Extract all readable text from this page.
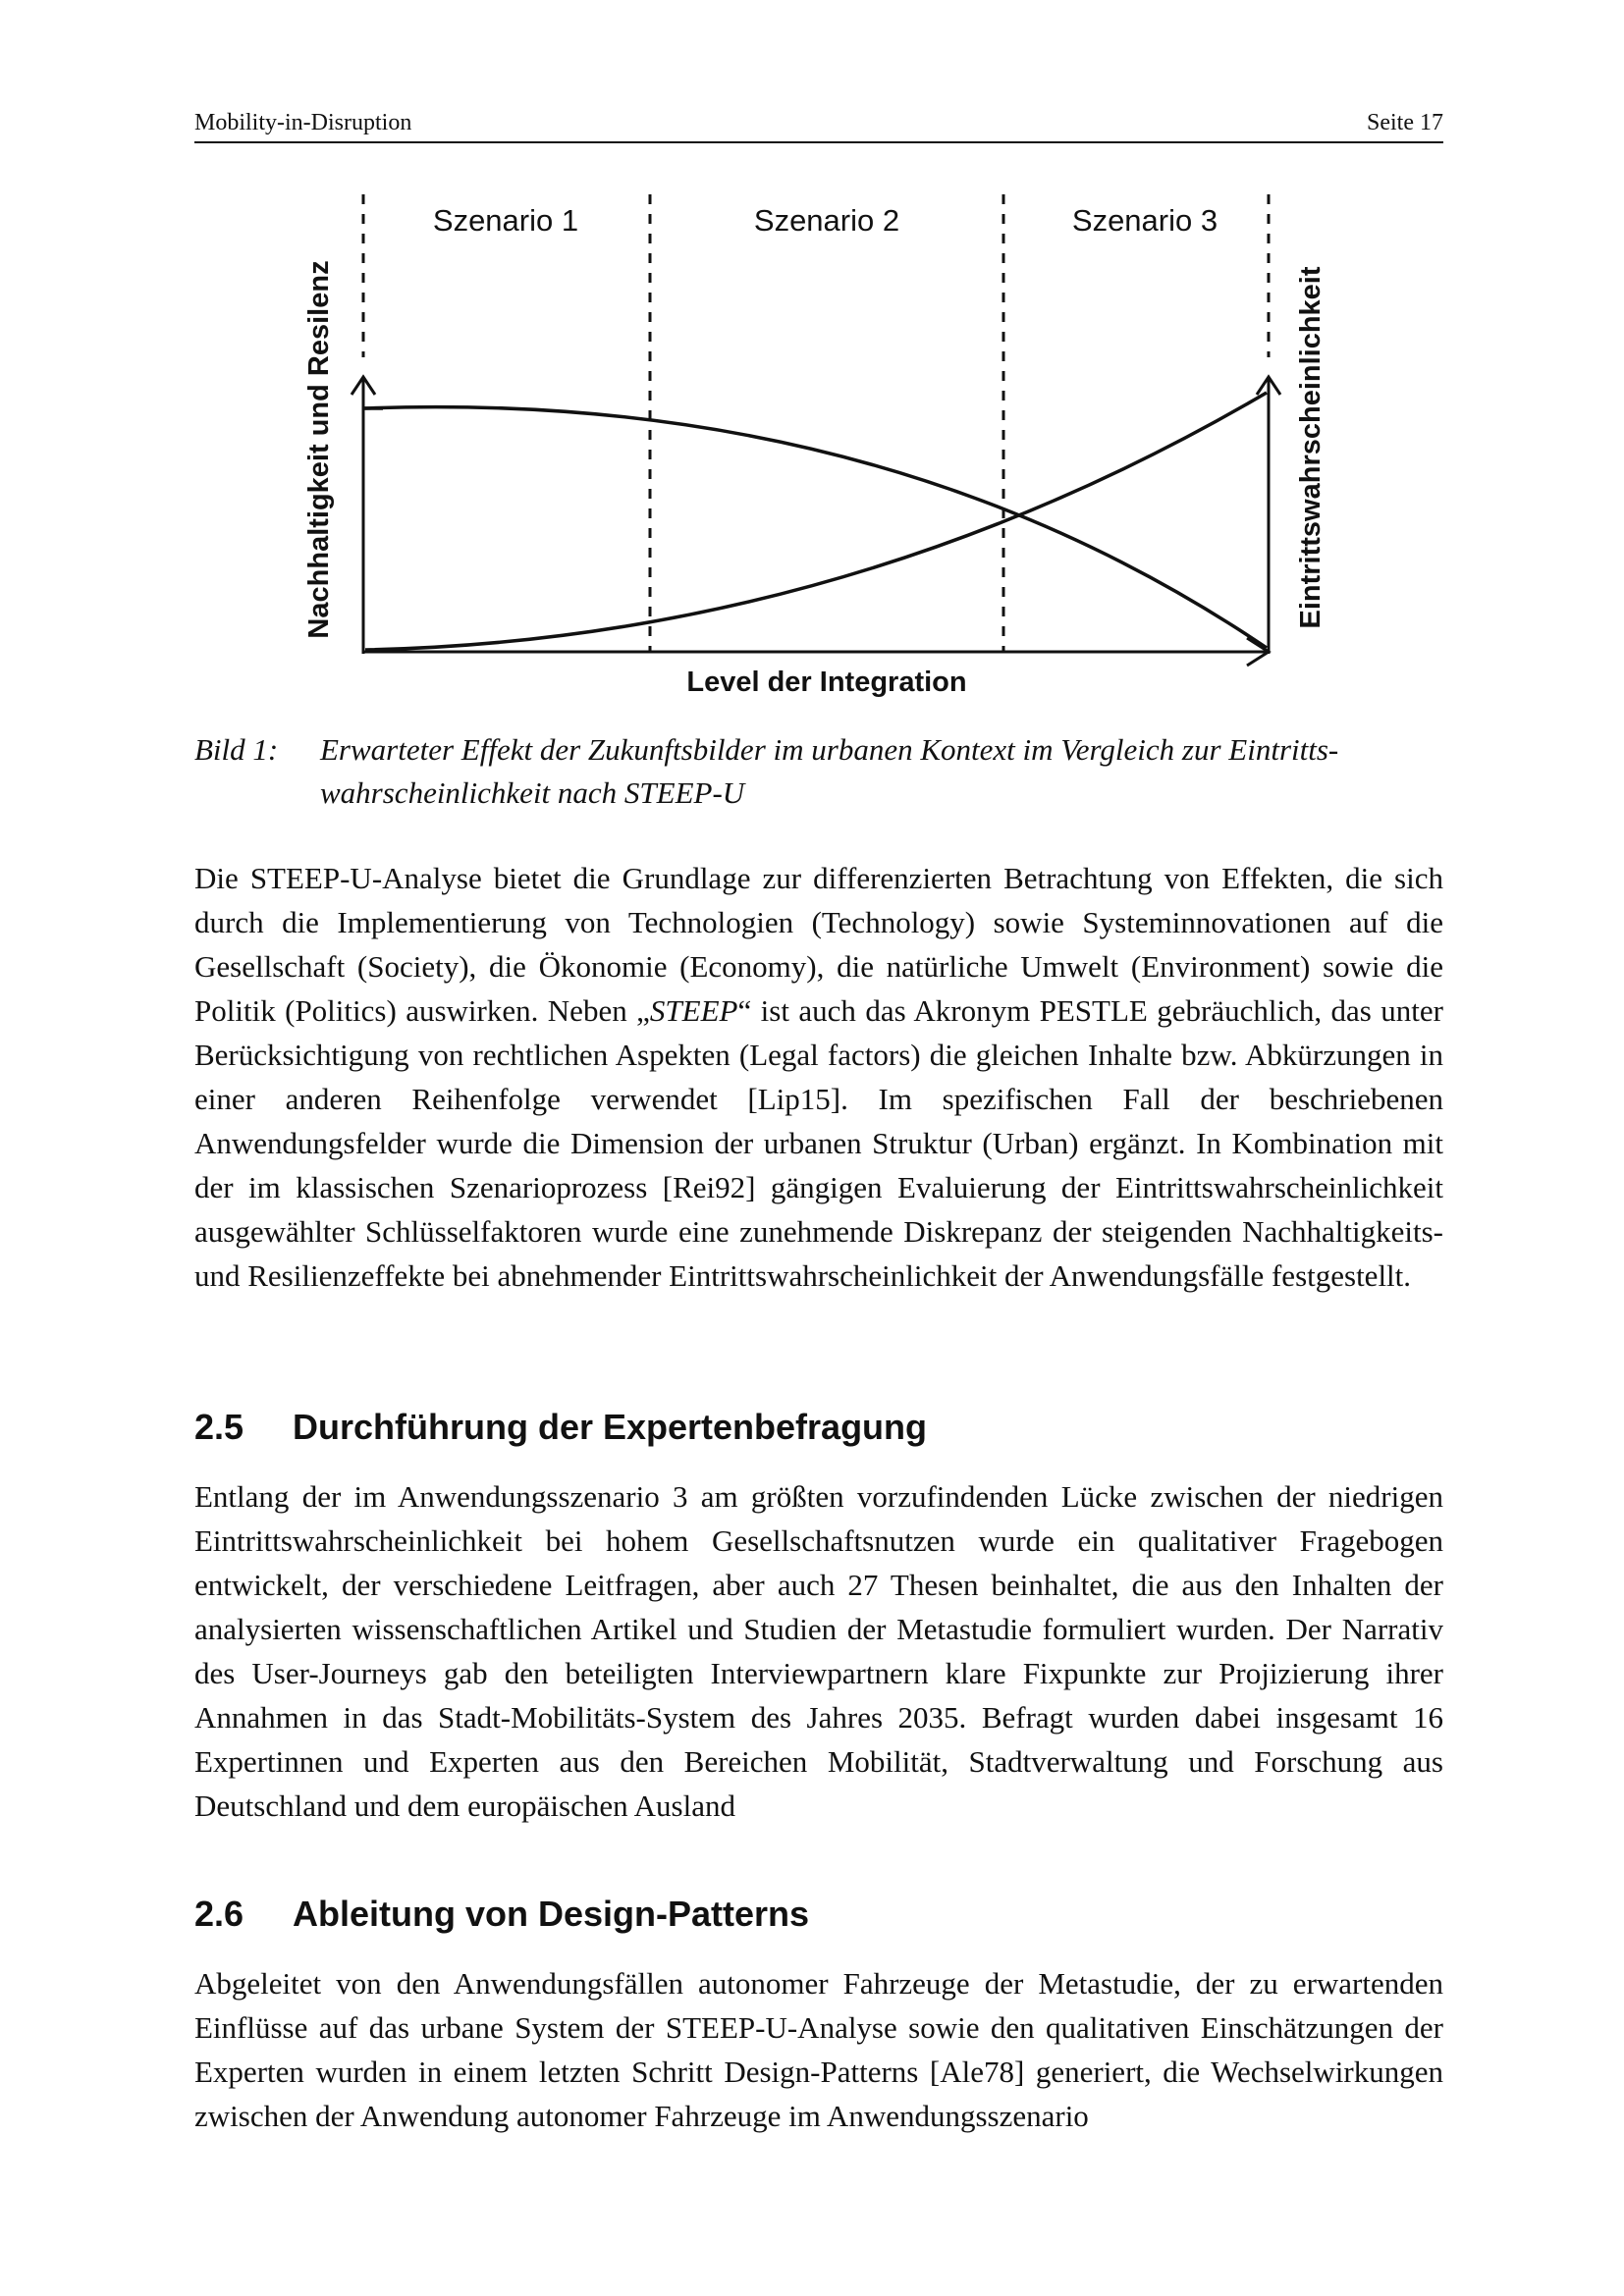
Mobility-in-Disruption	Seite 17
Szenario 1	Szenario 2	Szenario 3
Nachhaltigkeit und Resilenz	Eintrittswahrscheinlichkeit
Level der Integration
Bild 1:	Erwarteter Effekt der Zukunftsbilder im urbanen Kontext im Vergleich zur Eintrittswahrscheinlichkeit nach STEEP-U

Die STEEP-U-Analyse bietet die Grundlage zur differenzierten Betrachtung von Effekten, die sich durch die Implementierung von Technologien (Technology) sowie Systeminnovationen auf die Gesellschaft (Society), die Ökonomie (Economy), die natürliche Umwelt (Environment) sowie die Politik (Politics) auswirken. Neben „STEEP“ ist auch das Akronym PESTLE gebräuchlich, das unter Berücksichtigung von rechtlichen Aspekten (Legal factors) die gleichen Inhalte bzw. Abkürzungen in einer anderen Reihenfolge verwendet [Lip15]. Im spezifischen Fall der beschriebenen Anwendungsfelder wurde die Dimension der urbanen Struktur (Urban) ergänzt. In Kombination mit der im klassischen Szenarioprozess [Rei92] gängigen Evaluierung der Eintrittswahrscheinlichkeit ausgewählter Schlüsselfaktoren wurde eine zunehmende Diskrepanz der steigenden Nachhaltigkeits- und Resilienzeffekte bei abnehmender Eintrittswahrscheinlichkeit der Anwendungsfälle festgestellt.

2.5	Durchführung der Expertenbefragung

Entlang der im Anwendungsszenario 3 am größten vorzufindenden Lücke zwischen der niedrigen Eintrittswahrscheinlichkeit bei hohem Gesellschaftsnutzen wurde ein qualitativer Fragebogen entwickelt, der verschiedene Leitfragen, aber auch 27 Thesen beinhaltet, die aus den Inhalten der analysierten wissenschaftlichen Artikel und Studien der Metastudie formuliert wurden. Der Narrativ des User-Journeys gab den beteiligten Interviewpartnern klare Fixpunkte zur Projizierung ihrer Annahmen in das Stadt-Mobilitäts-System des Jahres 2035. Befragt wurden dabei insgesamt 16 Expertinnen und Experten aus den Bereichen Mobilität, Stadtverwaltung und Forschung aus Deutschland und dem europäischen Ausland

2.6	Ableitung von Design-Patterns

Abgeleitet von den Anwendungsfällen autonomer Fahrzeuge der Metastudie, der zu erwartenden Einflüsse auf das urbane System der STEEP-U-Analyse sowie den qualitativen Einschätzungen der Experten wurden in einem letzten Schritt Design-Patterns [Ale78] generiert, die Wechselwirkungen zwischen der Anwendung autonomer Fahrzeuge im Anwendungsszenario
